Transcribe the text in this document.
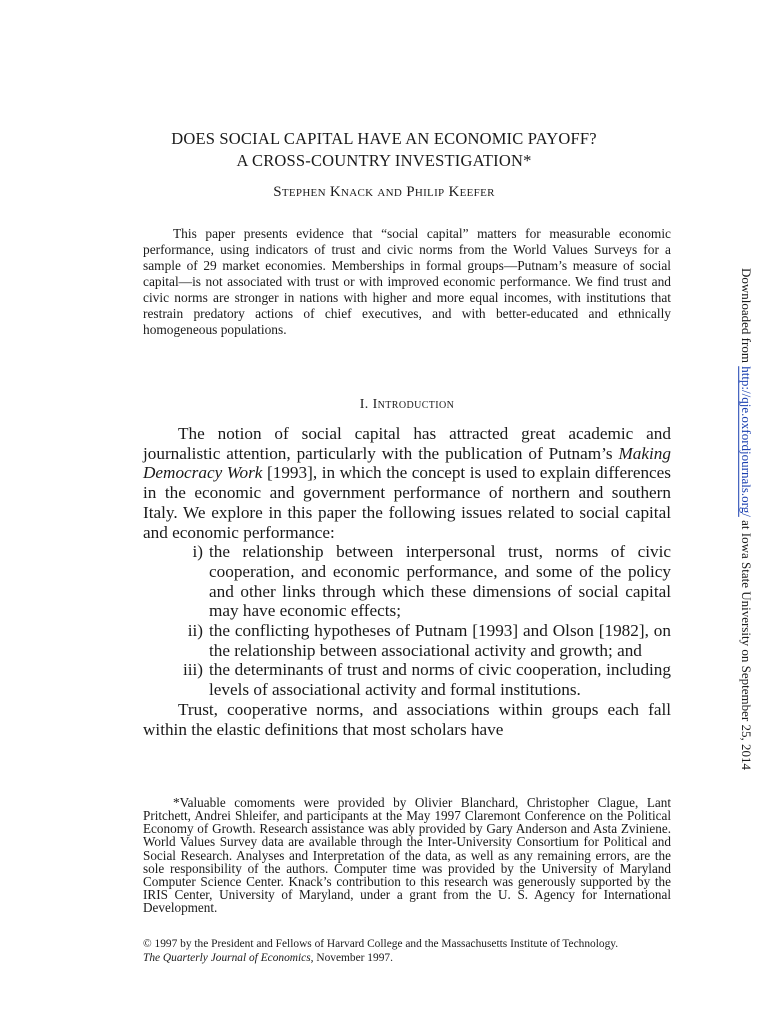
DOES SOCIAL CAPITAL HAVE AN ECONOMIC PAYOFF?
A CROSS-COUNTRY INVESTIGATION*
Stephen Knack and Philip Keefer
This paper presents evidence that “social capital” matters for measurable economic performance, using indicators of trust and civic norms from the World Values Surveys for a sample of 29 market economies. Memberships in formal groups—Putnam’s measure of social capital—is not associated with trust or with improved economic performance. We find trust and civic norms are stronger in nations with higher and more equal incomes, with institutions that restrain predatory actions of chief executives, and with better-educated and ethnically homogeneous populations.
I. Introduction

The notion of social capital has attracted great academic and journalistic attention, particularly with the publication of Putnam’s Making Democracy Work [1993], in which the concept is used to explain differences in the economic and government performance of northern and southern Italy. We explore in this paper the following issues related to social capital and economic performance:

i) the relationship between interpersonal trust, norms of civic cooperation, and economic performance, and some of the policy and other links through which these dimensions of social capital may have economic effects;
ii) the conflicting hypotheses of Putnam [1993] and Olson [1982], on the relationship between associational activity and growth; and
iii) the determinants of trust and norms of civic cooperation, including levels of associational activity and formal institutions.

Trust, cooperative norms, and associations within groups each fall within the elastic definitions that most scholars have

*Valuable comoments were provided by Olivier Blanchard, Christopher Clague, Lant Pritchett, Andrei Shleifer, and participants at the May 1997 Claremont Conference on the Political Economy of Growth. Research assistance was ably provided by Gary Anderson and Asta Zviniene. World Values Survey data are available through the Inter-University Consortium for Political and Social Research. Analyses and Interpretation of the data, as well as any remaining errors, are the sole responsibility of the authors. Computer time was provided by the University of Maryland Computer Science Center. Knack’s contribution to this research was generously supported by the IRIS Center, University of Maryland, under a grant from the U. S. Agency for International Development.

© 1997 by the President and Fellows of Harvard College and the Massachusetts Institute of Technology.

The Quarterly Journal of Economics, November 1997.

Downloaded from http://qje.oxfordjournals.org/ at Iowa State University on September 25, 2014
